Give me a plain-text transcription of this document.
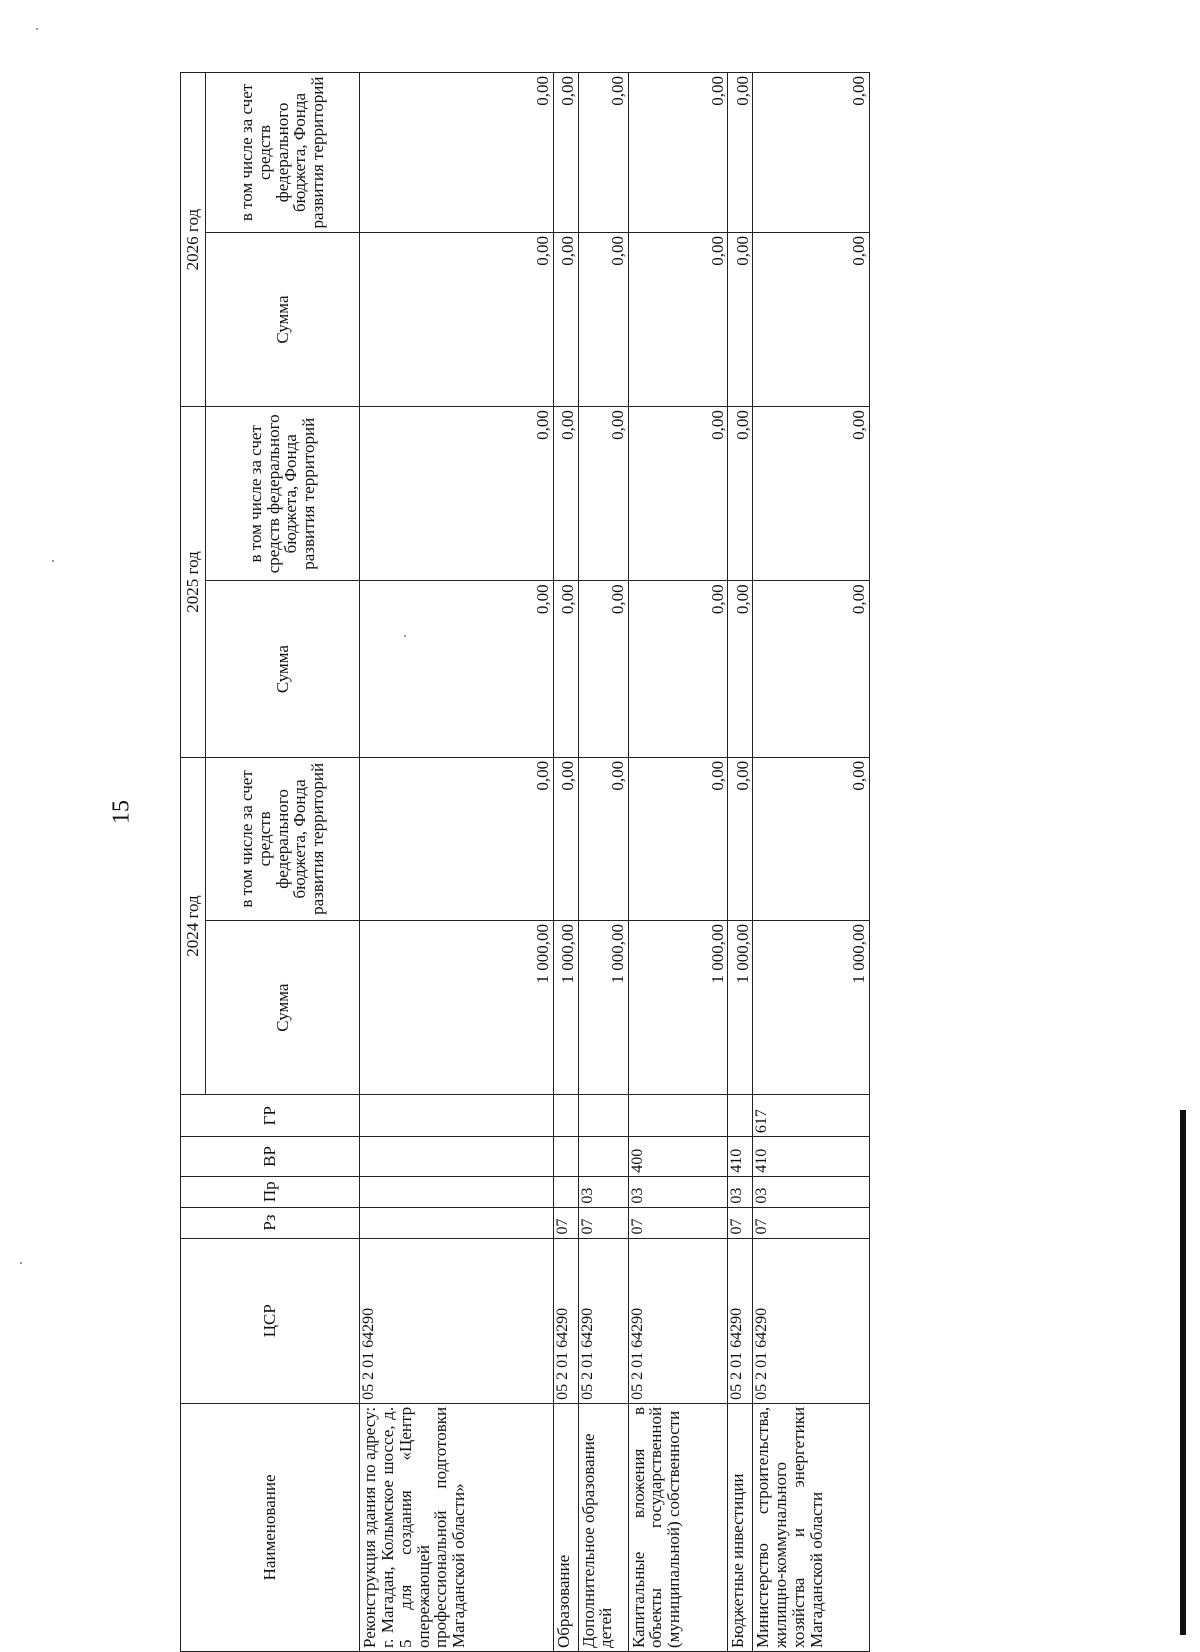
15
Наименование	ЦСР	Рз	Пр	ВР	ГР	2024 год		2025 год		2026 год	
						Сумма	в том числе за счет средств федерального бюджета, Фонда развития территорий	Сумма	в том числе за счет средств федерального бюджета, Фонда развития территорий	Сумма	в том числе за счет средств федерального бюджета, Фонда развития территорий
Реконструкция здания по адресу: г. Магадан, Колымское шоссе, д. 5 для создания «Центр опережающей профессиональной подготовки Магаданской области»	05 2 01 64290					1 000,00	0,00	0,00	0,00	0,00	0,00
Образование	05 2 01 64290	07				1 000,00	0,00	0,00	0,00	0,00	0,00
Дополнительное образование детей	05 2 01 64290	07	03			1 000,00	0,00	0,00	0,00	0,00	0,00
Капитальные вложения в объекты государственной (муниципальной) собственности	05 2 01 64290	07	03	400		1 000,00	0,00	0,00	0,00	0,00	0,00
Бюджетные инвестиции	05 2 01 64290	07	03	410		1 000,00	0,00	0,00	0,00	0,00	0,00
Министерство строительства, жилищно-коммунального хозяйства и энергетики Магаданской области	05 2 01 64290	07	03	410	617	1 000,00	0,00	0,00	0,00	0,00	0,00
